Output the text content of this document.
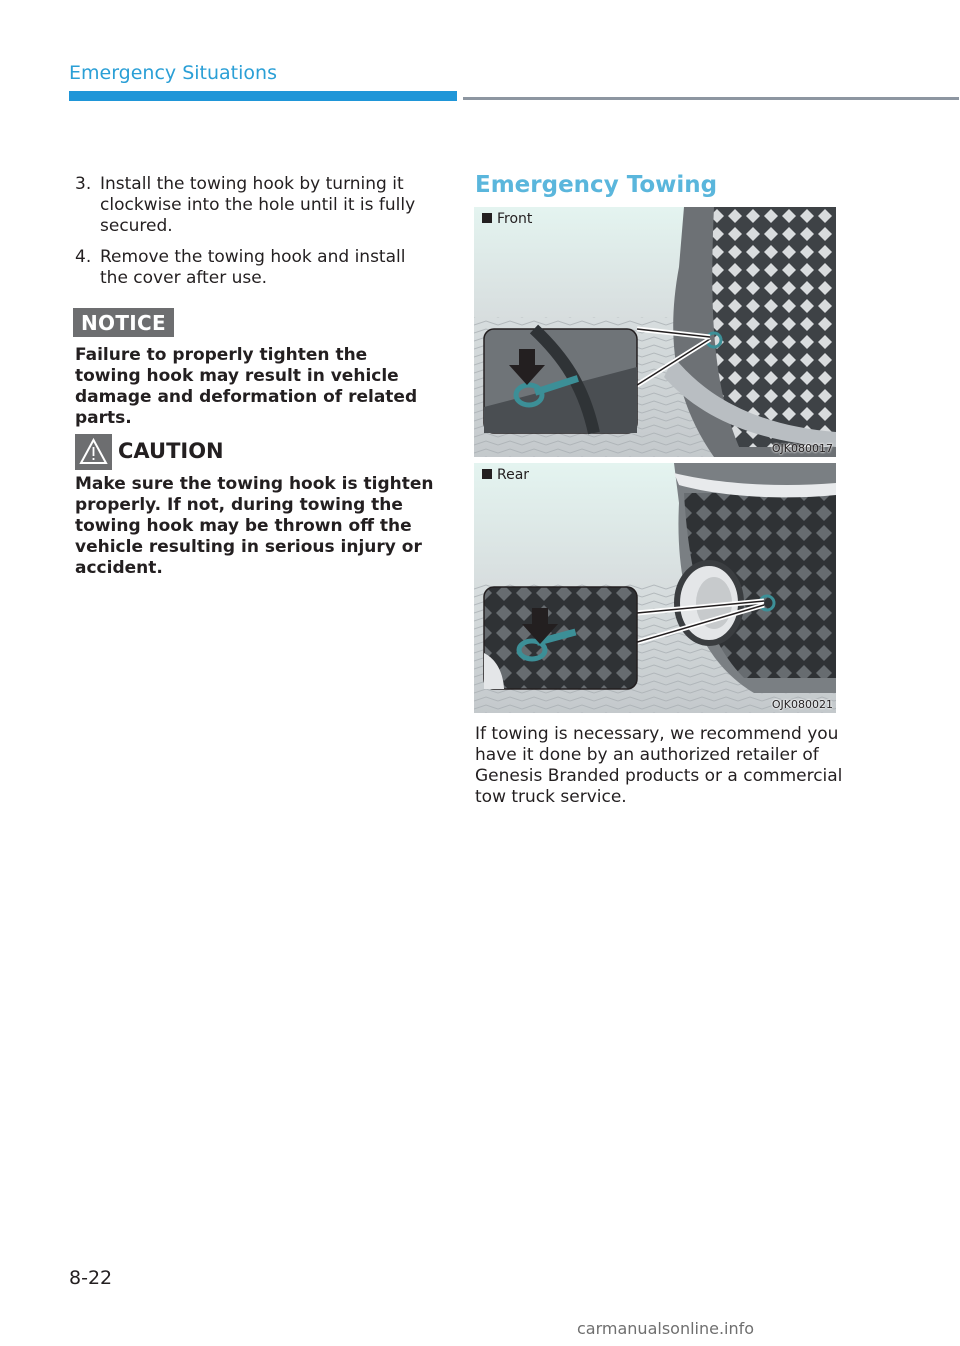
Emergency Situations
3. Install the towing hook by turning it clockwise into the hole until it is fully secured.
4. Remove the towing hook and install the cover after use.
NOTICE
Failure to properly tighten the towing hook may result in vehicle damage and deformation of related parts.
CAUTION
Make sure the towing hook is tighten properly. If not, during towing the towing hook may be thrown off the vehicle resulting in serious injury or accident.
Emergency Towing
Front
OJK080017
Rear
OJK080021
If towing is necessary, we recommend you have it done by an authorized retailer of Genesis Branded products or a commercial tow truck service.
8-22
carmanualsonline.info
